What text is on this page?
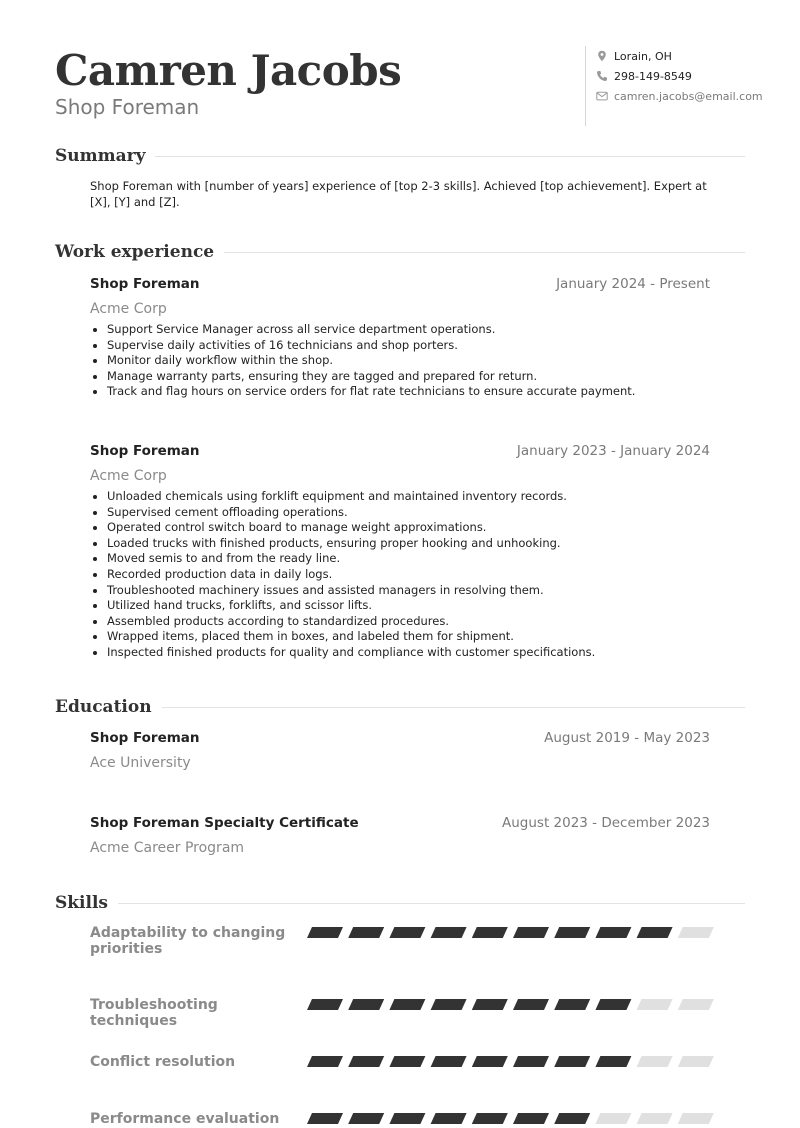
Camren Jacobs
Shop Foreman
Lorain, OH
298-149-8549
camren.jacobs@email.com
Summary
Shop Foreman with [number of years] experience of [top 2-3 skills]. Achieved [top achievement]. Expert at [X], [Y] and [Z].
Work experience
Shop Foreman	January 2024 - Present
Acme Corp
• Support Service Manager across all service department operations.
• Supervise daily activities of 16 technicians and shop porters.
• Monitor daily workflow within the shop.
• Manage warranty parts, ensuring they are tagged and prepared for return.
• Track and flag hours on service orders for flat rate technicians to ensure accurate payment.
Shop Foreman	January 2023 - January 2024
Acme Corp
• Unloaded chemicals using forklift equipment and maintained inventory records.
• Supervised cement offloading operations.
• Operated control switch board to manage weight approximations.
• Loaded trucks with finished products, ensuring proper hooking and unhooking.
• Moved semis to and from the ready line.
• Recorded production data in daily logs.
• Troubleshooted machinery issues and assisted managers in resolving them.
• Utilized hand trucks, forklifts, and scissor lifts.
• Assembled products according to standardized procedures.
• Wrapped items, placed them in boxes, and labeled them for shipment.
• Inspected finished products for quality and compliance with customer specifications.
Education
Shop Foreman	August 2019 - May 2023
Ace University
Shop Foreman Specialty Certificate	August 2023 - December 2023
Acme Career Program
Skills
Adaptability to changing priorities
Troubleshooting techniques
Conflict resolution
Performance evaluation
